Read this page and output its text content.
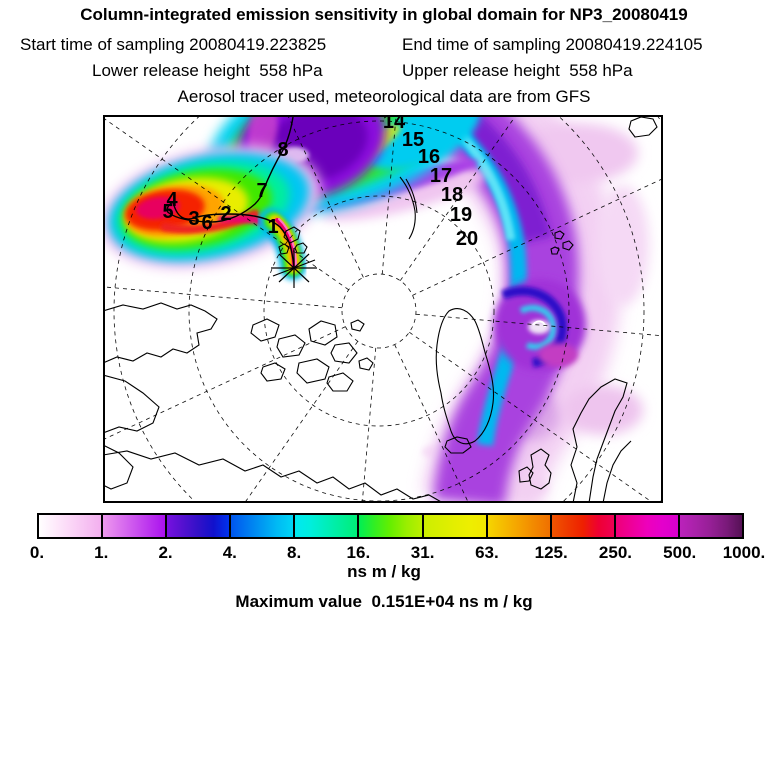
Column-integrated emission sensitivity in global domain for NP3_20080419
Start time of sampling 20080419.223825	End time of sampling 20080419.224105
Lower release height  558 hPa	Upper release height  558 hPa
Aerosol tracer used, meteorological data are from GFS
1
2
3
4
5 6
7
8
14
15
16
17
18
19
20
0.	1.	2.	4.	8.	16.	31.	63.	125.	250.	500.	1000.
ns m / kg
Maximum value  0.151E+04 ns m / kg
